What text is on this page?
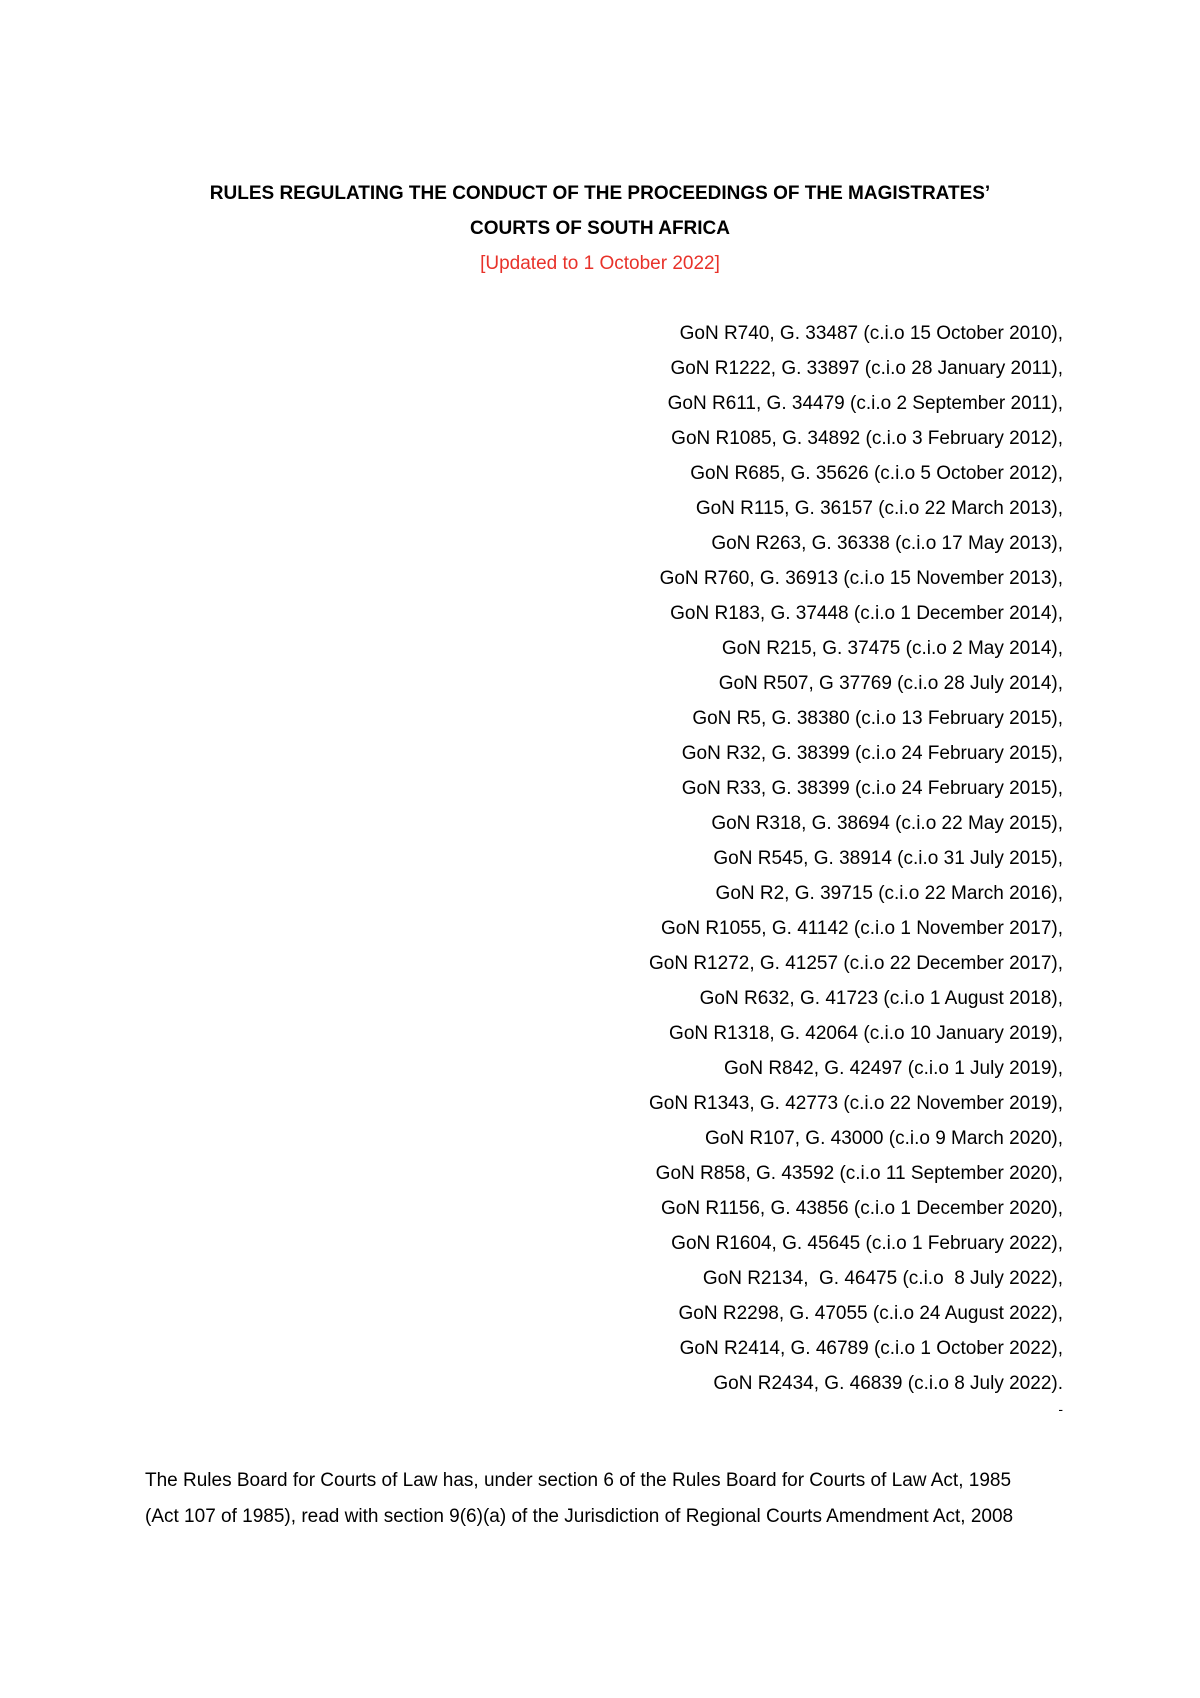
RULES REGULATING THE CONDUCT OF THE PROCEEDINGS OF THE MAGISTRATES’
COURTS OF SOUTH AFRICA
[Updated to 1 October 2022]
GoN R740, G. 33487 (c.i.o 15 October 2010),
GoN R1222, G. 33897 (c.i.o 28 January 2011),
GoN R611, G. 34479 (c.i.o 2 September 2011),
GoN R1085, G. 34892 (c.i.o 3 February 2012),
GoN R685, G. 35626 (c.i.o 5 October 2012),
GoN R115, G. 36157 (c.i.o 22 March 2013),
GoN R263, G. 36338 (c.i.o 17 May 2013),
GoN R760, G. 36913 (c.i.o 15 November 2013),
GoN R183, G. 37448 (c.i.o 1 December 2014),
GoN R215, G. 37475 (c.i.o 2 May 2014),
GoN R507, G 37769 (c.i.o 28 July 2014),
GoN R5, G. 38380 (c.i.o 13 February 2015),
GoN R32, G. 38399 (c.i.o 24 February 2015),
GoN R33, G. 38399 (c.i.o 24 February 2015),
GoN R318, G. 38694 (c.i.o 22 May 2015),
GoN R545, G. 38914 (c.i.o 31 July 2015),
GoN R2, G. 39715 (c.i.o 22 March 2016),
GoN R1055, G. 41142 (c.i.o 1 November 2017),
GoN R1272, G. 41257 (c.i.o 22 December 2017),
GoN R632, G. 41723 (c.i.o 1 August 2018),
GoN R1318, G. 42064 (c.i.o 10 January 2019),
GoN R842, G. 42497 (c.i.o 1 July 2019),
GoN R1343, G. 42773 (c.i.o 22 November 2019),
GoN R107, G. 43000 (c.i.o 9 March 2020),
GoN R858, G. 43592 (c.i.o 11 September 2020),
GoN R1156, G. 43856 (c.i.o 1 December 2020),
GoN R1604, G. 45645 (c.i.o 1 February 2022),
GoN R2134,  G. 46475 (c.i.o  8 July 2022),
GoN R2298, G. 47055 (c.i.o 24 August 2022),
GoN R2414, G. 46789 (c.i.o 1 October 2022),
GoN R2434, G. 46839 (c.i.o 8 July 2022).
-

The Rules Board for Courts of Law has, under section 6 of the Rules Board for Courts of Law Act, 1985
(Act 107 of 1985), read with section 9(6)(a) of the Jurisdiction of Regional Courts Amendment Act, 2008
